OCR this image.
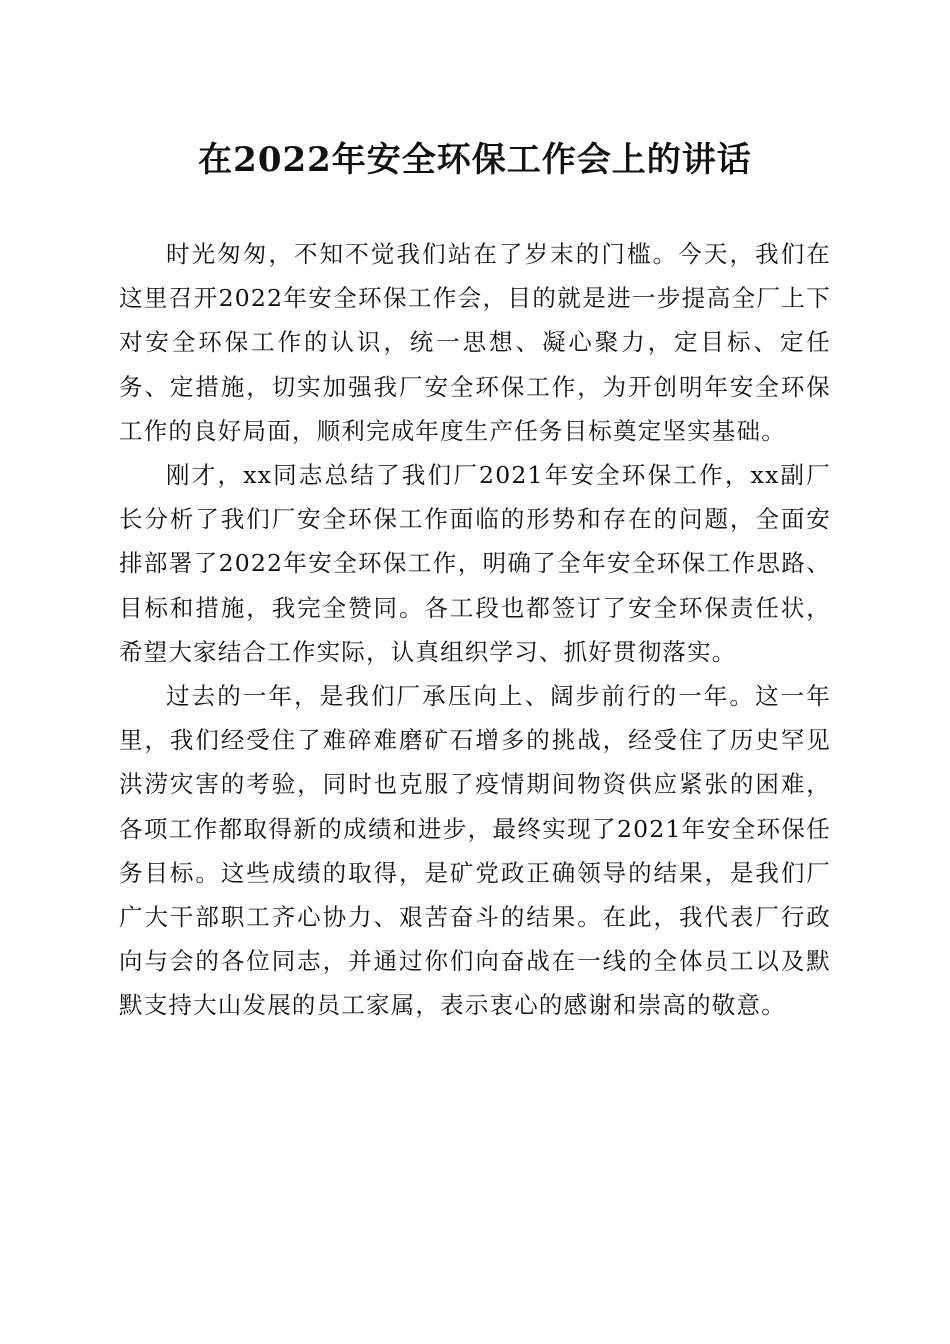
在2022年安全环保工作会上的讲话

时光匆匆，不知不觉我们站在了岁末的门槛。今天，我们在这里召开2022年安全环保工作会，目的就是进一步提高全厂上下对安全环保工作的认识，统一思想、凝心聚力，定目标、定任务、定措施，切实加强我厂安全环保工作，为开创明年安全环保工作的良好局面，顺利完成年度生产任务目标奠定坚实基础。

刚才，xx同志总结了我们厂2021年安全环保工作，xx副厂长分析了我们厂安全环保工作面临的形势和存在的问题，全面安排部署了2022年安全环保工作，明确了全年安全环保工作思路、目标和措施，我完全赞同。各工段也都签订了安全环保责任状，希望大家结合工作实际，认真组织学习、抓好贯彻落实。

过去的一年，是我们厂承压向上、阔步前行的一年。这一年里，我们经受住了难碎难磨矿石增多的挑战，经受住了历史罕见洪涝灾害的考验，同时也克服了疫情期间物资供应紧张的困难，各项工作都取得新的成绩和进步，最终实现了2021年安全环保任务目标。这些成绩的取得，是矿党政正确领导的结果，是我们厂广大干部职工齐心协力、艰苦奋斗的结果。在此，我代表厂行政向与会的各位同志，并通过你们向奋战在一线的全体员工以及默默支持大山发展的员工家属，表示衷心的感谢和崇高的敬意。
